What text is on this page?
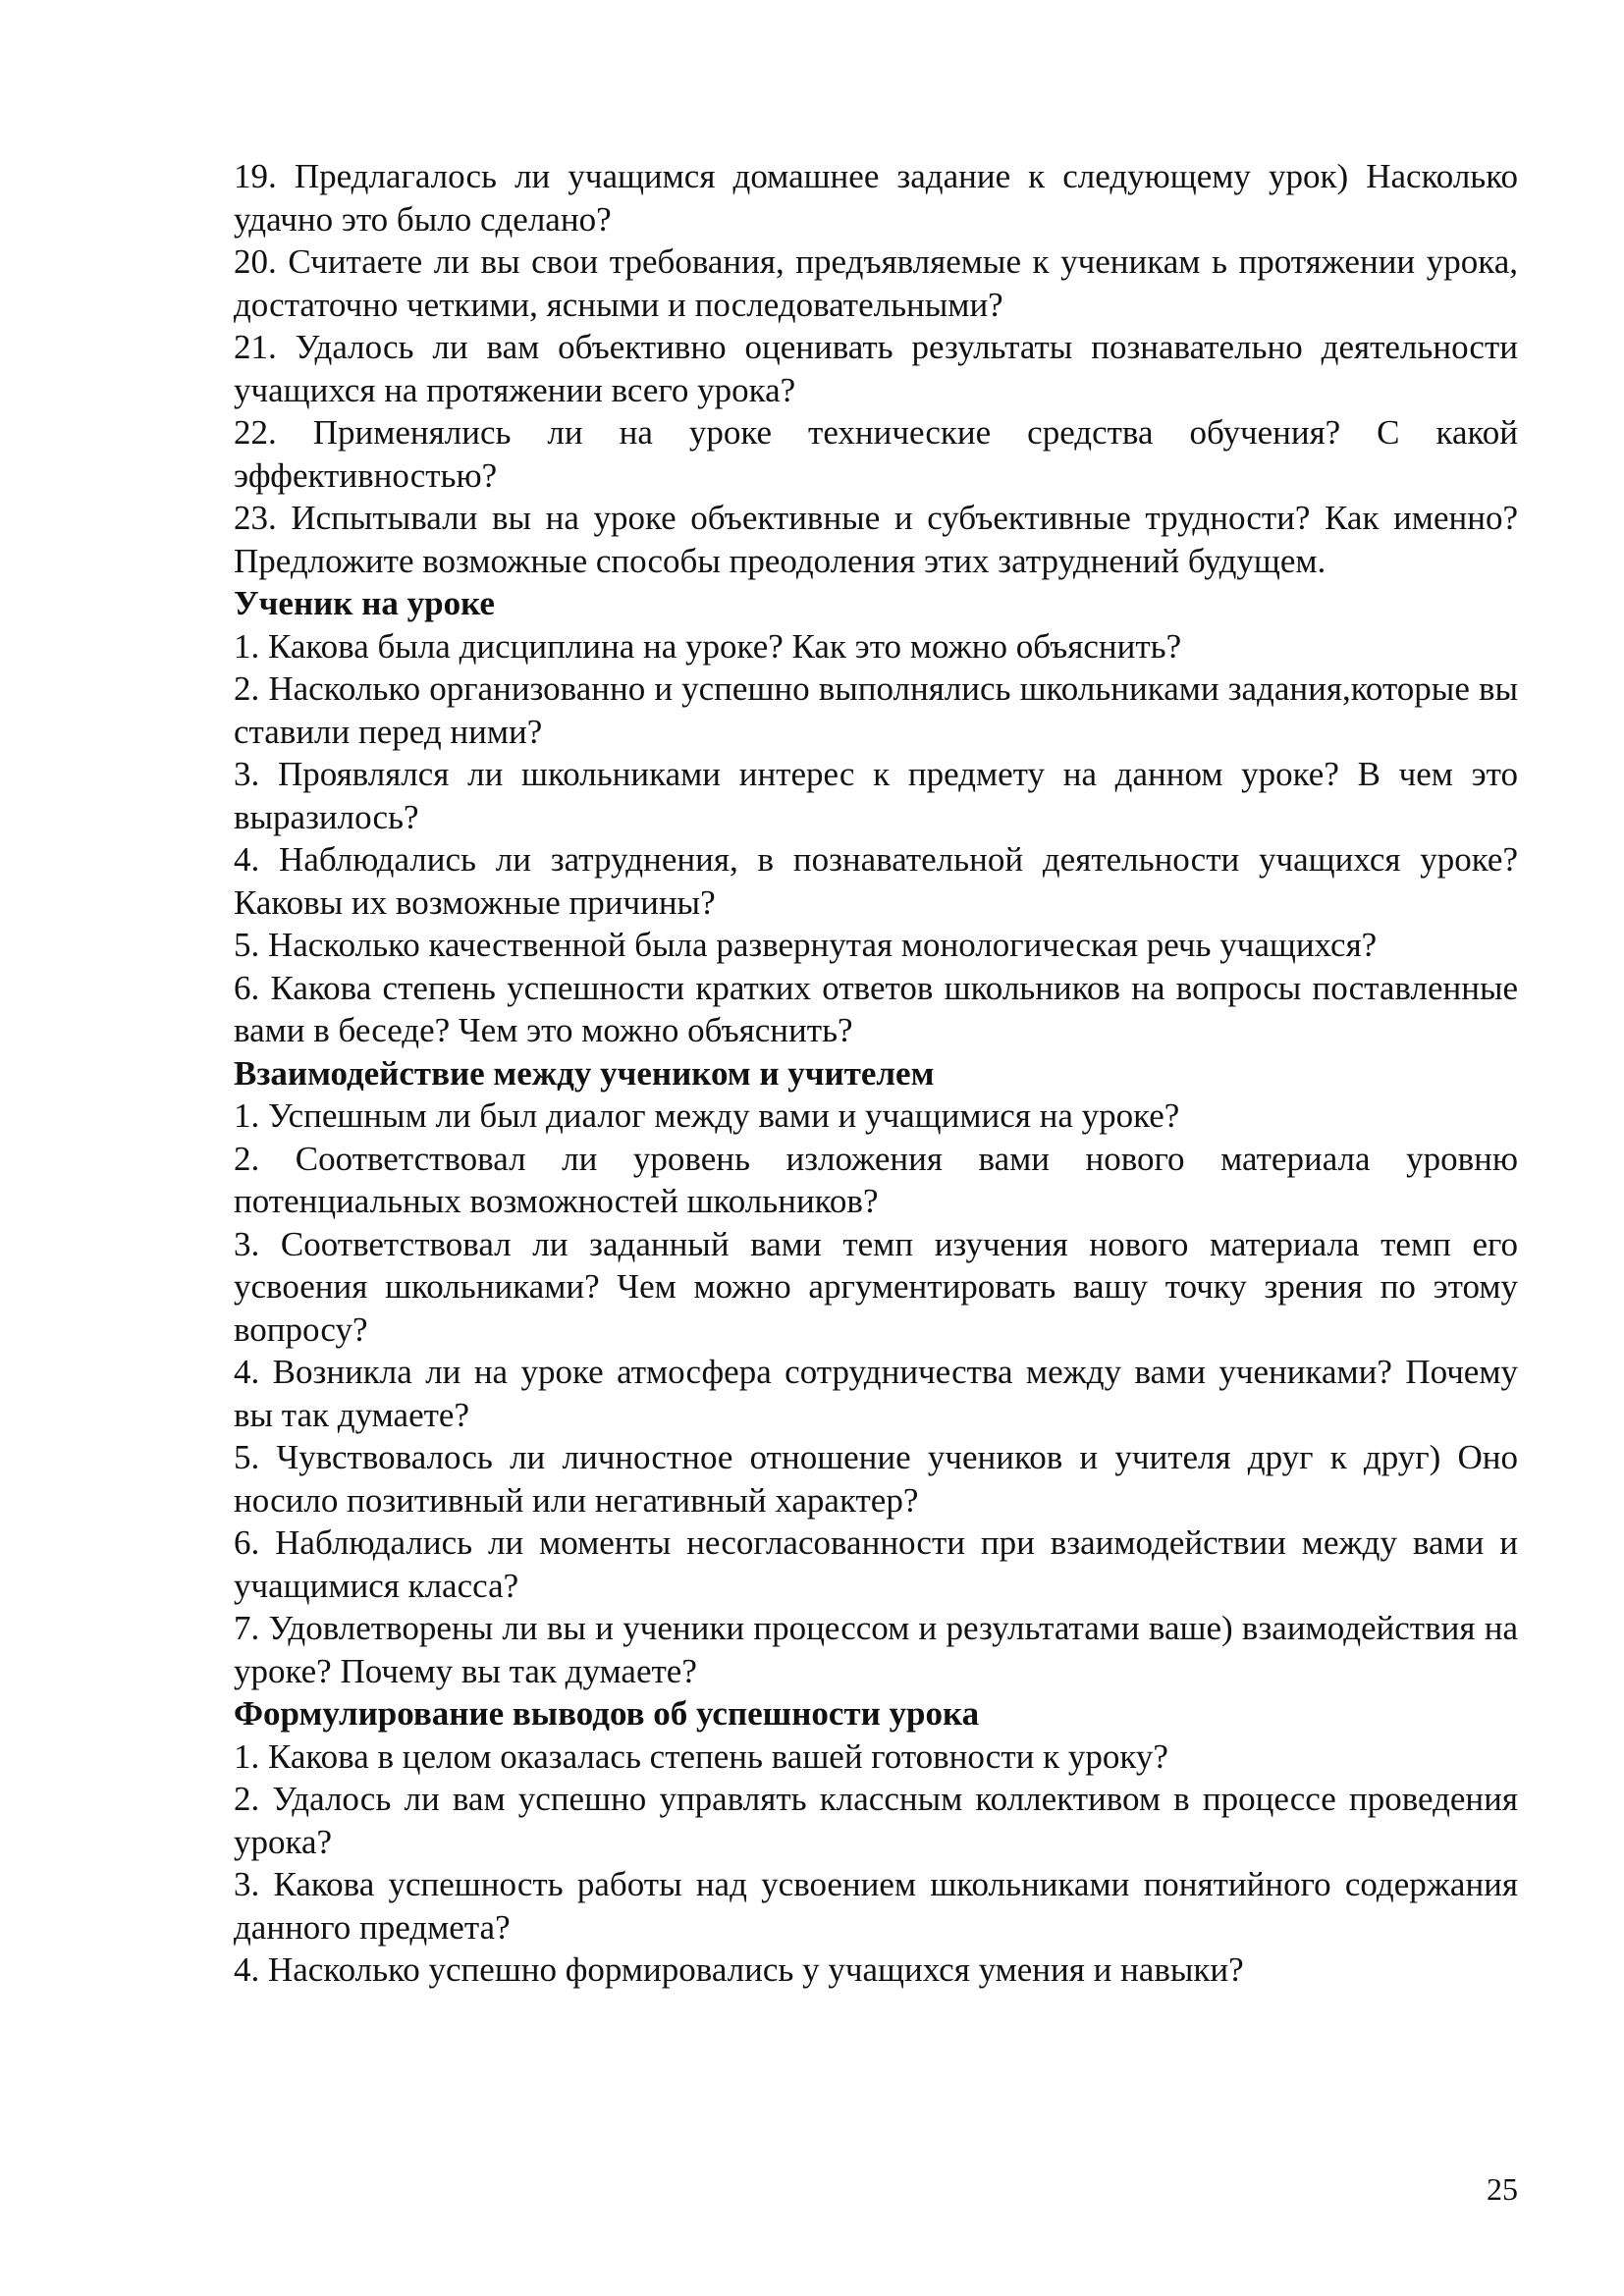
19. Предлагалось ли учащимся домашнее задание к следующему урок) Насколько удачно это было сделано?

20. Считаете ли вы свои требования, предъявляемые к ученикам ь протяжении урока, достаточно четкими, ясными и последовательными?

21. Удалось ли вам объективно оценивать результаты познавательно деятельности учащихся на протяжении всего урока?

22. Применялись ли на уроке технические средства обучения? С какой эффективностью?

23. Испытывали вы на уроке объективные и субъективные трудности? Как именно?Предложите возможные способы преодоления этих затруднений будущем.

Ученик на уроке

1. Какова была дисциплина на уроке? Как это можно объяснить?

2. Насколько организованно и успешно выполнялись школьниками задания,которые вы ставили перед ними?

3. Проявлялся ли школьниками интерес к предмету на данном уроке? В чем это выразилось?

4. Наблюдались ли затруднения, в познавательной деятельности учащихся уроке? Каковы их возможные причины?

5. Насколько качественной была развернутая монологическая речь учащихся?

6. Какова степень успешности кратких ответов школьников на вопросы поставленные вами в беседе? Чем это можно объяснить?

Взаимодействие между учеником и учителем

1. Успешным ли был диалог между вами и учащимися на уроке?

2. Соответствовал ли уровень изложения вами нового материала уровню потенциальных возможностей школьников?

3. Соответствовал ли заданный вами темп изучения нового материала темп его усвоения школьниками? Чем можно аргументировать вашу точку зрения по этому вопросу?

4. Возникла ли на уроке атмосфера сотрудничества между вами учениками? Почему вы так думаете?

5. Чувствовалось ли личностное отношение учеников и учителя друг к друг) Оно носило позитивный или негативный характер?

6. Наблюдались ли моменты несогласованности при взаимодействии между вами и учащимися класса?

7. Удовлетворены ли вы и ученики процессом и результатами ваше) взаимодействия на уроке? Почему вы так думаете?

Формулирование выводов об успешности урока

1. Какова в целом оказалась степень вашей готовности к уроку?

2. Удалось ли вам успешно управлять классным коллективом в процессе проведения урока?

3. Какова успешность работы над усвоением школьниками понятийного содержания данного предмета?

4. Насколько успешно формировались у учащихся умения и навыки?

25
